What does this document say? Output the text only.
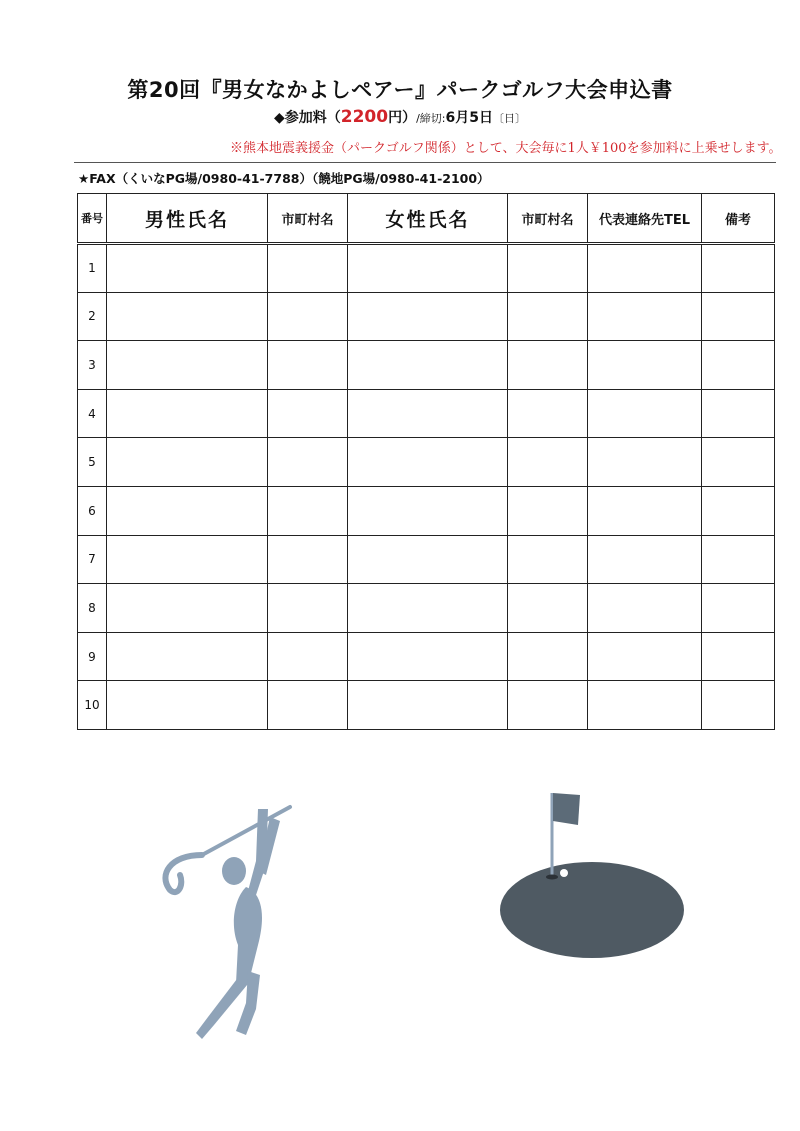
第20回『男女なかよしペアー』パークゴルフ大会申込書
◆参加料（2200円）/締切:6月5日〔日〕
※熊本地震義援金（パークゴルフ関係）として、大会毎に1人￥100を参加料に上乗せします。
★FAX（くいなPG場/0980-41-7788）（饒地PG場/0980-41-2100）
番号	男性氏名	市町村名	女性氏名	市町村名	代表連絡先TEL	備考	
1						
2						
3						
4						
5						
6						
7						
8						
9						
10						
